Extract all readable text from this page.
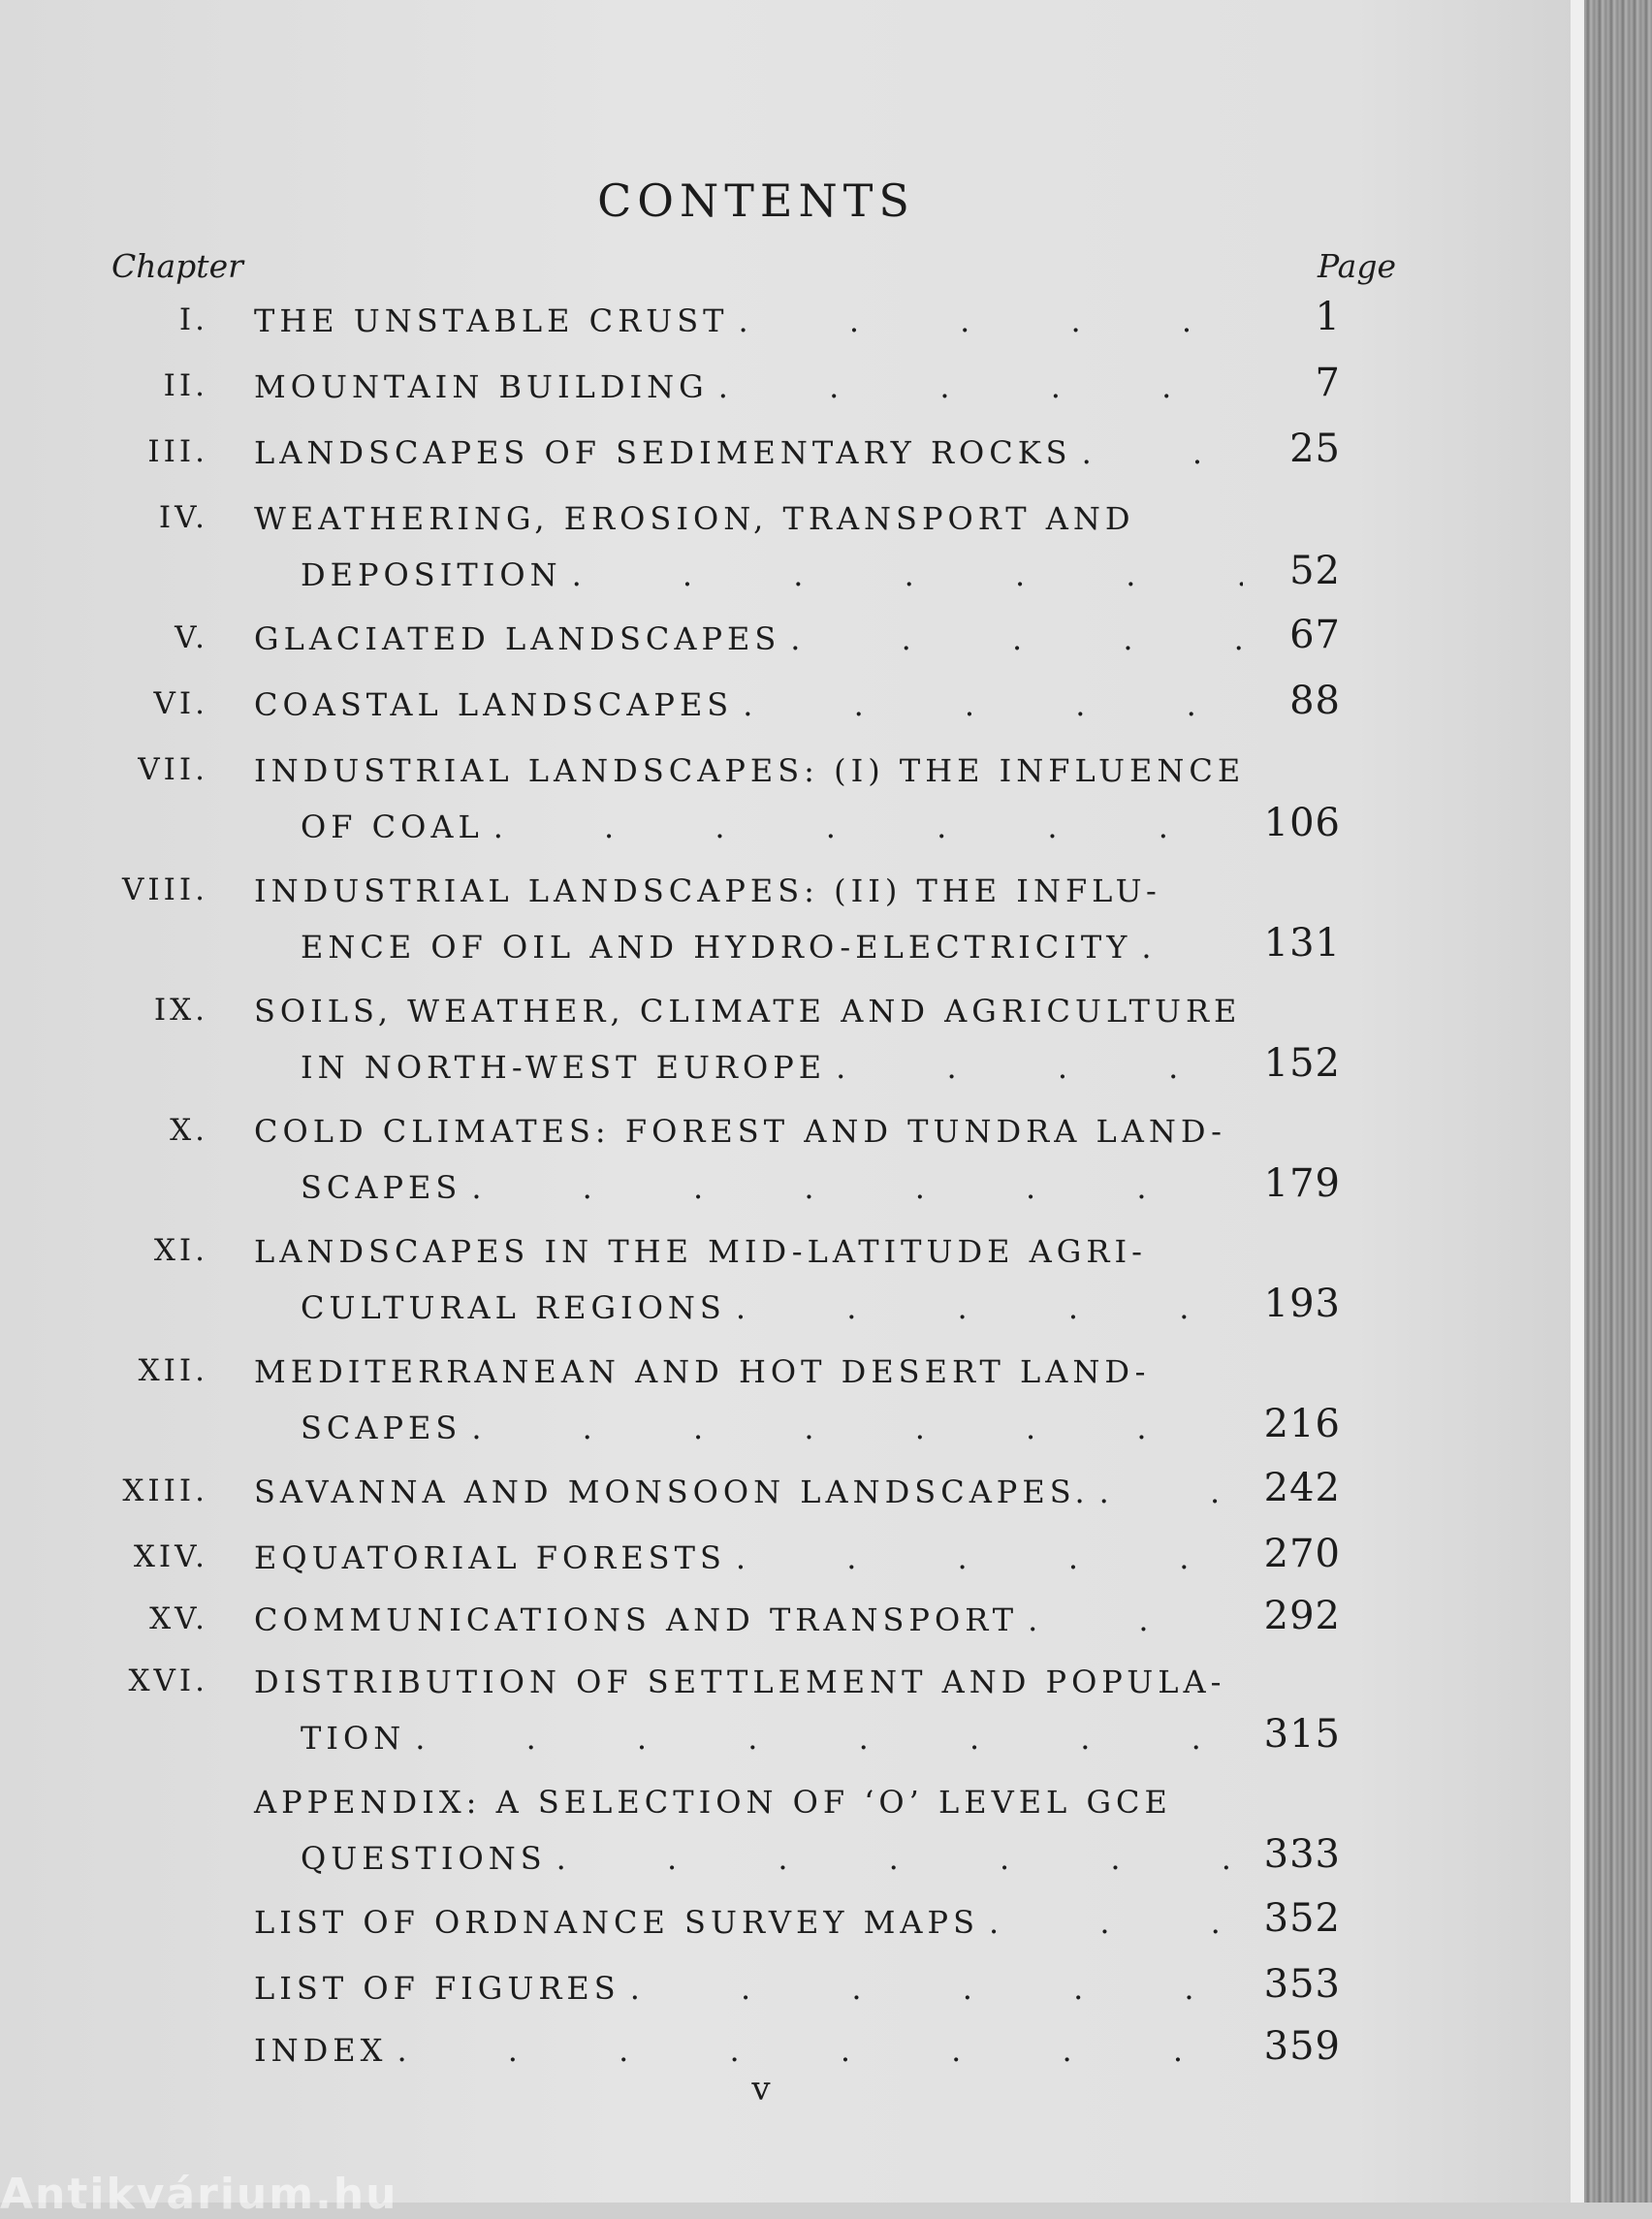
CONTENTS
Chapter	Page
I. THE UNSTABLE CRUST . . .	1
II. MOUNTAIN BUILDING . . .	7
III. LANDSCAPES OF SEDIMENTARY ROCKS . . .	25
IV. WEATHERING, EROSION, TRANSPORT AND
DEPOSITION . . .	52
V. GLACIATED LANDSCAPES . . .	67
VI. COASTAL LANDSCAPES . . .	88
VII. INDUSTRIAL LANDSCAPES: (I) THE INFLUENCE
OF COAL . . .	106
VIII. INDUSTRIAL LANDSCAPES: (II) THE INFLU-
ENCE OF OIL AND HYDRO-ELECTRICITY . . .	131
IX. SOILS, WEATHER, CLIMATE AND AGRICULTURE
IN NORTH-WEST EUROPE . . .	152
X. COLD CLIMATES: FOREST AND TUNDRA LAND-
SCAPES . . .	179
XI. LANDSCAPES IN THE MID-LATITUDE AGRI-
CULTURAL REGIONS . . .	193
XII. MEDITERRANEAN AND HOT DESERT LAND-
SCAPES . . .	216
XIII. SAVANNA AND MONSOON LANDSCAPES. . . .	242
XIV. EQUATORIAL FORESTS . . .	270
XV. COMMUNICATIONS AND TRANSPORT . . .	292
XVI. DISTRIBUTION OF SETTLEMENT AND POPULA-
TION . . .	315
APPENDIX: A SELECTION OF ‘O’ LEVEL GCE
QUESTIONS . . .	333
LIST OF ORDNANCE SURVEY MAPS . . .	352
LIST OF FIGURES . . .	353
INDEX . . .	359
v
Antikvárium.hu
